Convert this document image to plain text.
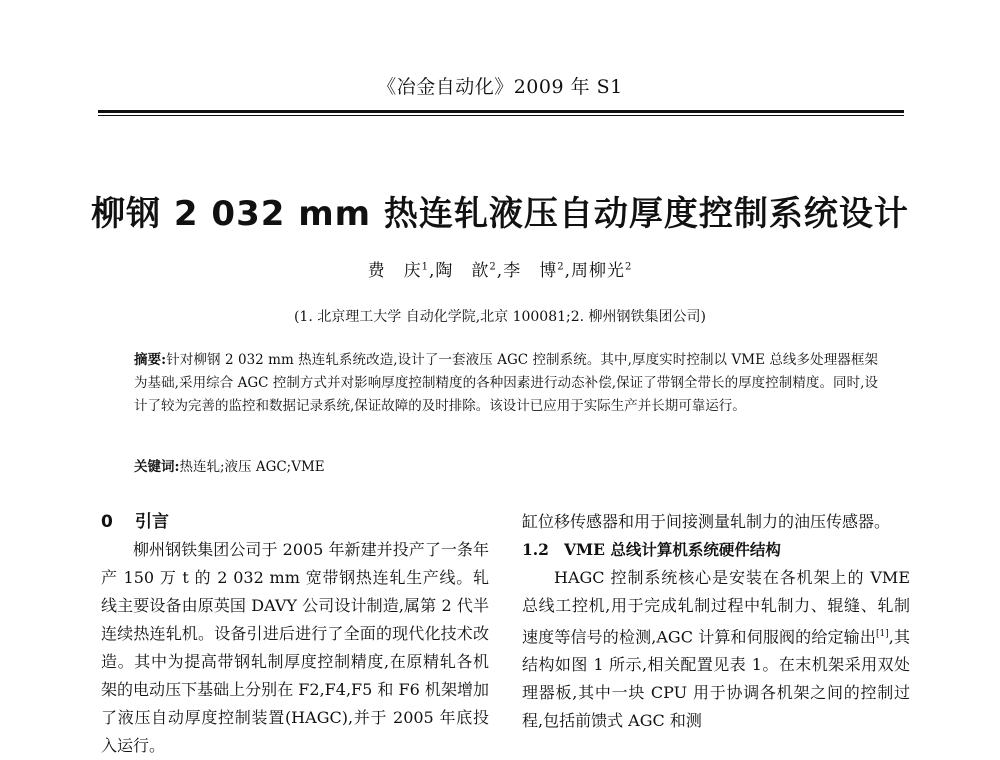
《冶金自动化》2009 年 S1
柳钢 2 032 mm 热连轧液压自动厚度控制系统设计
费　庆$^1$,陶　歆$^2$,李　博$^2$,周柳光$^2$
(1. 北京理工大学 自动化学院,北京 100081;2. 柳州钢铁集团公司)
摘要:针对柳钢 2 032 mm 热连轧系统改造,设计了一套液压 AGC 控制系统。其中,厚度实时控制以 VME 总线多处理器框架为基础,采用综合 AGC 控制方式并对影响厚度控制精度的各种因素进行动态补偿,保证了带钢全带长的厚度控制精度。同时,设计了较为完善的监控和数据记录系统,保证故障的及时排除。该设计已应用于实际生产并长期可靠运行。
关键词:热连轧;液压 AGC;VME
0 引言

柳州钢铁集团公司于 2005 年新建并投产了一条年产 150 万 t 的 2 032 mm 宽带钢热连轧生产线。轧线主要设备由原英国 DAVY 公司设计制造,属第 2 代半连续热连轧机。设备引进后进行了全面的现代化技术改造。其中为提高带钢轧制厚度控制精度,在原精轧各机架的电动压下基础上分别在 F2,F4,F5 和 F6 机架增加了液压自动厚度控制装置(HAGC),并于 2005 年底投入运行。

缸位移传感器和用于间接测量轧制力的油压传感器。

1.2 VME 总线计算机系统硬件结构

HAGC 控制系统核心是安装在各机架上的 VME 总线工控机,用于完成轧制过程中轧制力、辊缝、轧制速度等信号的检测,AGC 计算和伺服阀的给定输出[1],其结构如图 1 所示,相关配置见表 1。在末机架采用双处理器板,其中一块 CPU 用于协调各机架之间的控制过程,包括前馈式 AGC 和测
